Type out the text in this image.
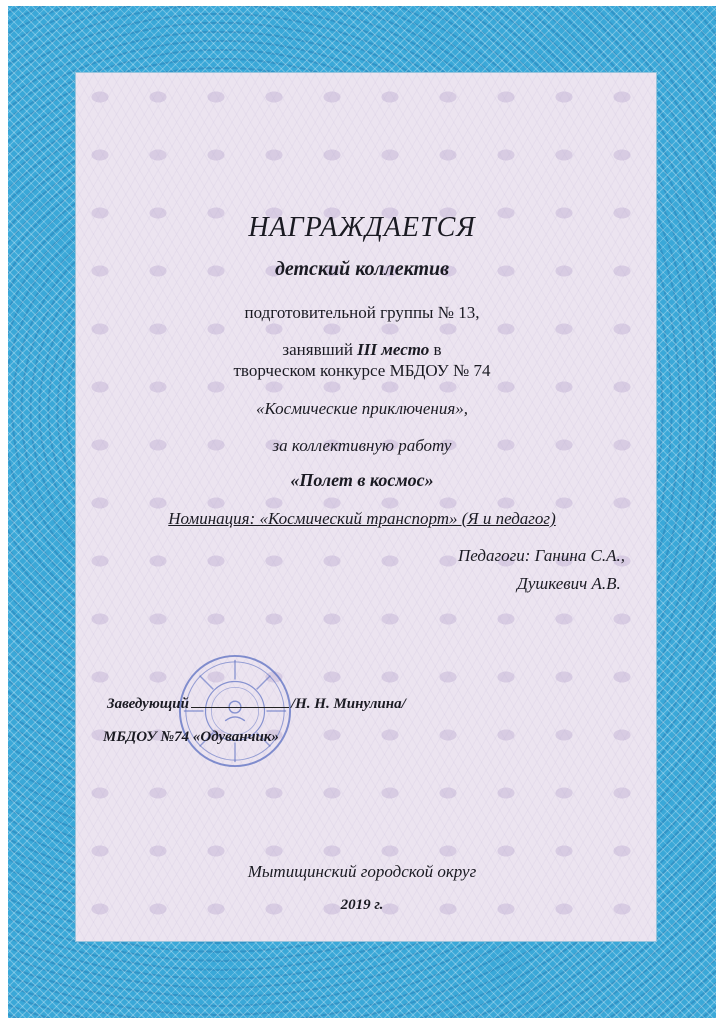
НАГРАЖДАЕТСЯ
детский коллектив
подготовительной группы № 13,
занявший III место в
творческом конкурсе МБДОУ № 74
«Космические приключения»,
за коллективную работу
«Полет в космос»
Номинация: «Космический транспорт» (Я и педагог)
Педагоги: Ганина С.А.,
Душкевич А.В.
Заведующий	/Н. Н. Минулина/
МБДОУ №74 «Одуванчик»
Мытищинский городской округ
2019 г.
